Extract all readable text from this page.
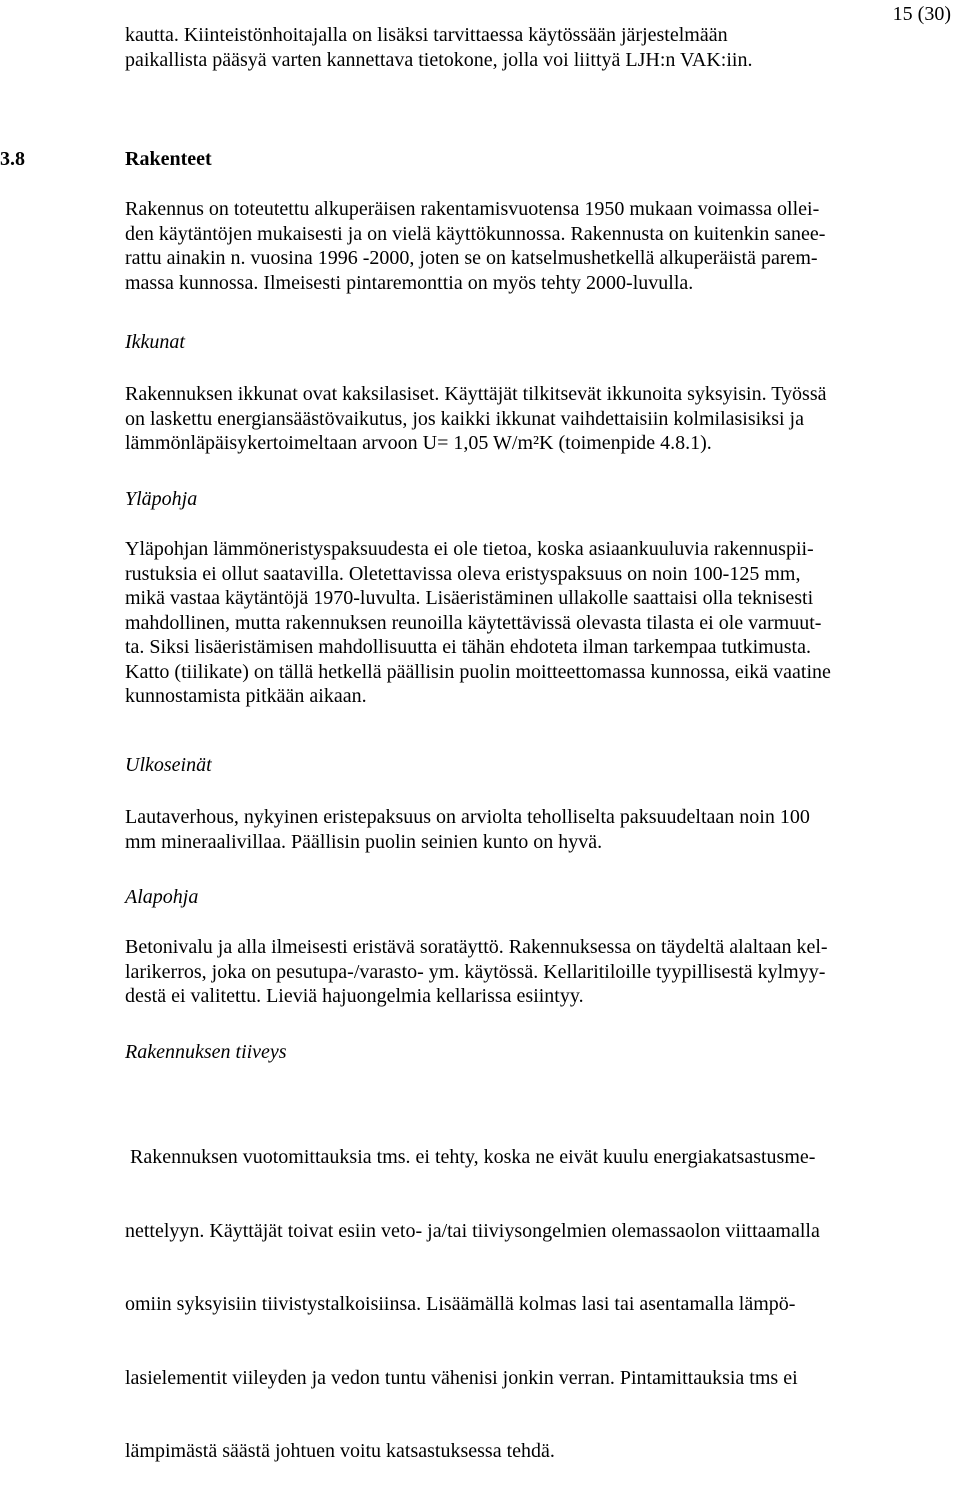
15 (30)
kautta. Kiinteistönhoitajalla on lisäksi tarvittaessa käytössään järjestelmään
paikallista pääsyä varten kannettava tietokone, jolla voi liittyä LJH:n VAK:iin.
3.8	Rakenteet
Rakennus on toteutettu alkuperäisen rakentamisvuotensa 1950 mukaan voimassa ollei-
den käytäntöjen mukaisesti ja on vielä käyttökunnossa. Rakennusta on kuitenkin sanee-
rattu ainakin n. vuosina 1996 -2000, joten se on katselmushetkellä alkuperäistä parem-
massa kunnossa. Ilmeisesti pintaremonttia on myös tehty 2000-luvulla.
Ikkunat
Rakennuksen ikkunat ovat kaksilasiset. Käyttäjät tilkitsevät ikkunoita syksyisin. Työssä
on laskettu energiansäästövaikutus, jos kaikki ikkunat vaihdettaisiin kolmilasisiksi ja
lämmönläpäisykertoimeltaan arvoon U= 1,05 W/m²K (toimenpide 4.8.1).
Yläpohja
Yläpohjan lämmöneristyspaksuudesta ei ole tietoa, koska asiaankuuluvia rakennuspii-
rustuksia ei ollut saatavilla. Oletettavissa oleva eristyspaksuus on noin 100-125 mm,
mikä vastaa käytäntöjä 1970-luvulta. Lisäeristäminen ullakolle saattaisi olla teknisesti
mahdollinen, mutta rakennuksen reunoilla käytettävissä olevasta tilasta ei ole varmuut-
ta. Siksi lisäeristämisen mahdollisuutta ei tähän ehdoteta ilman tarkempaa tutkimusta.
Katto (tiilikate) on tällä hetkellä päällisin puolin moitteettomassa kunnossa, eikä vaatine
kunnostamista pitkään aikaan.
Ulkoseinät
Lautaverhous, nykyinen eristepaksuus on arviolta teholliselta paksuudeltaan noin 100
mm mineraalivillaa. Päällisin puolin seinien kunto on hyvä.
Alapohja
Betonivalu ja alla ilmeisesti eristävä soratäyttö. Rakennuksessa on täydeltä alaltaan kel-
larikerros, joka on pesutupa-/varasto- ym. käytössä. Kellaritiloille tyypillisestä kylmyy-
destä ei valitettu. Lieviä hajuongelmia kellarissa esiintyy.
Rakennuksen tiiveys

Rakennuksen vuotomittauksia tms. ei tehty, koska ne eivät kuulu energiakatsastusme-

nettelyyn. Käyttäjät toivat esiin veto- ja/tai tiiviysongelmien olemassaolon viittaamalla

omiin syksyisiin tiivistystalkoisiinsa. Lisäämällä kolmas lasi tai asentamalla lämpö-

lasielementit viileyden ja vedon tuntu vähenisi jonkin verran. Pintamittauksia tms ei

lämpimästä säästä johtuen voitu katsastuksessa tehdä.
